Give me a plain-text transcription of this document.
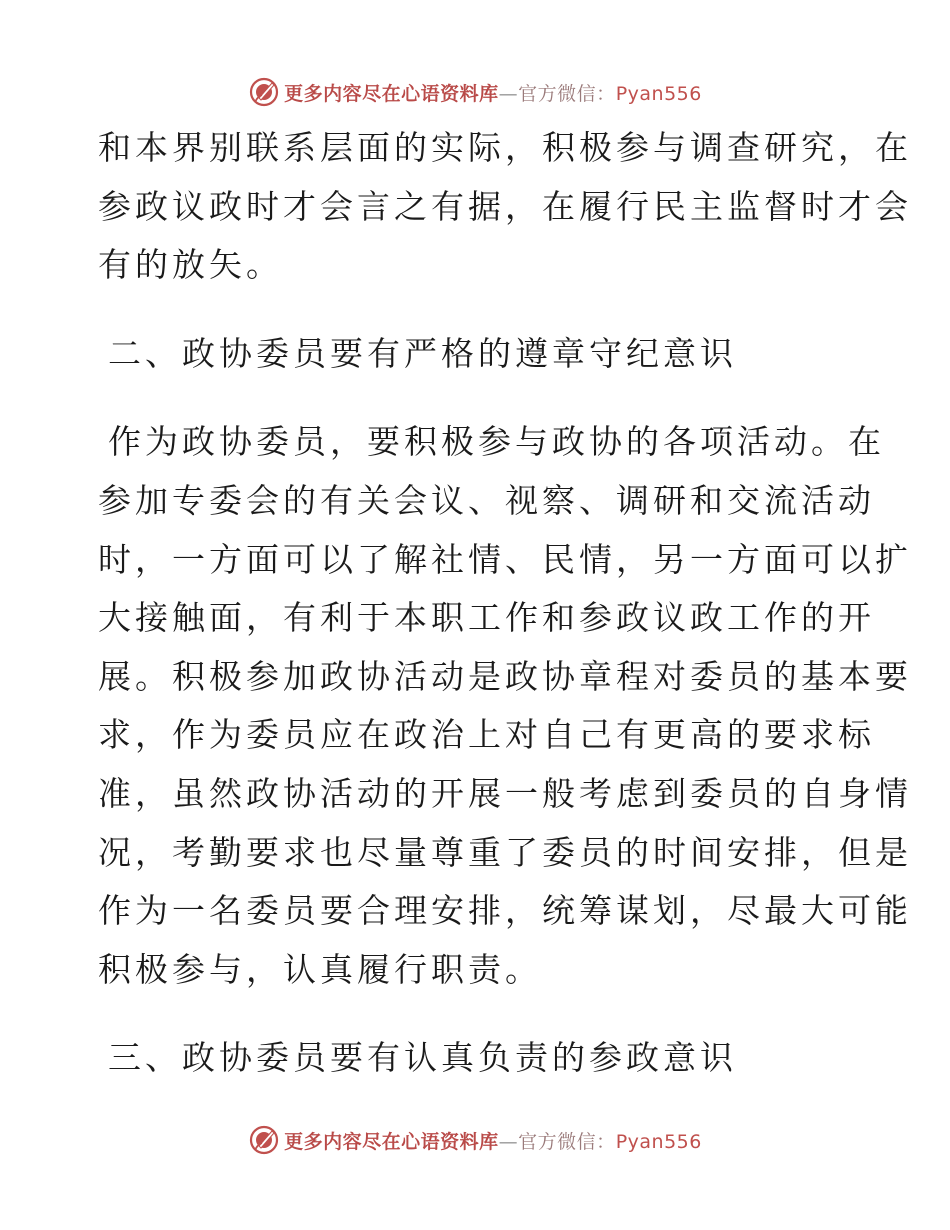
更多内容尽在心语资料库—官方微信：Pyan556
和本界别联系层面的实际，积极参与调查研究，在
参政议政时才会言之有据，在履行民主监督时才会
有的放矢。
二、政协委员要有严格的遵章守纪意识
作为政协委员，要积极参与政协的各项活动。在
参加专委会的有关会议、视察、调研和交流活动
时，一方面可以了解社情、民情，另一方面可以扩
大接触面，有利于本职工作和参政议政工作的开
展。积极参加政协活动是政协章程对委员的基本要
求，作为委员应在政治上对自己有更高的要求标
准，虽然政协活动的开展一般考虑到委员的自身情
况，考勤要求也尽量尊重了委员的时间安排，但是
作为一名委员要合理安排，统筹谋划，尽最大可能
积极参与，认真履行职责。
三、政协委员要有认真负责的参政意识
更多内容尽在心语资料库—官方微信：Pyan556
